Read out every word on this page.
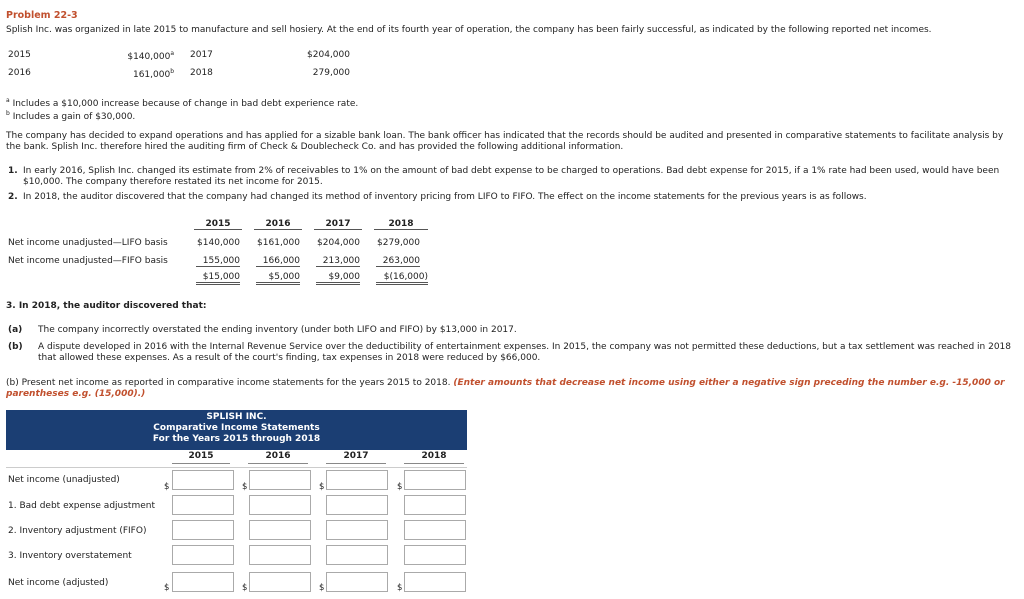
Problem 22-3
Splish Inc. was organized in late 2015 to manufacture and sell hosiery. At the end of its fourth year of operation, the company has been fairly successful, as indicated by the following reported net incomes.
2015	$140,000$^a$ 2017	$204,000
2016	161,000$^b$ 2018	279,000
$^a$ Includes a $10,000 increase because of change in bad debt experience rate.
$^b$ Includes a gain of $30,000.
The company has decided to expand operations and has applied for a sizable bank loan. The bank officer has indicated that the records should be audited and presented in comparative statements to facilitate analysis by the bank. Splish Inc. therefore hired the auditing firm of Check & Doublecheck Co. and has provided the following additional information.
1. In early 2016, Splish Inc. changed its estimate from 2% of receivables to 1% on the amount of bad debt expense to be charged to operations. Bad debt expense for 2015, if a 1% rate had been used, would have been $10,000. The company therefore restated its net income for 2015.
2. In 2018, the auditor discovered that the company had changed its method of inventory pricing from LIFO to FIFO. The effect on the income statements for the previous years is as follows.
2015	2016	2017	2018
Net income unadjusted—LIFO basis	$140,000	$161,000	$204,000	$279,000
Net income unadjusted—FIFO basis	155,000	166,000	213,000	263,000
$15,000	$5,000	$9,000	$(16,000)
3. In 2018, the auditor discovered that:
(a) The company incorrectly overstated the ending inventory (under both LIFO and FIFO) by $13,000 in 2017.
(b) A dispute developed in 2016 with the Internal Revenue Service over the deductibility of entertainment expenses. In 2015, the company was not permitted these deductions, but a tax settlement was reached in 2018 that allowed these expenses. As a result of the court's finding, tax expenses in 2018 were reduced by $66,000.
(b) Present net income as reported in comparative income statements for the years 2015 to 2018. (Enter amounts that decrease net income using either a negative sign preceding the number e.g. -15,000 or parentheses e.g. (15,000).)
SPLISH INC.
Comparative Income Statements
For the Years 2015 through 2018
2015	2016	2017	2018
Net income (unadjusted)
$	$	$	$
1. Bad debt expense adjustment
2. Inventory adjustment (FIFO)
3. Inventory overstatement
Net income (adjusted)	$	$	$	$
